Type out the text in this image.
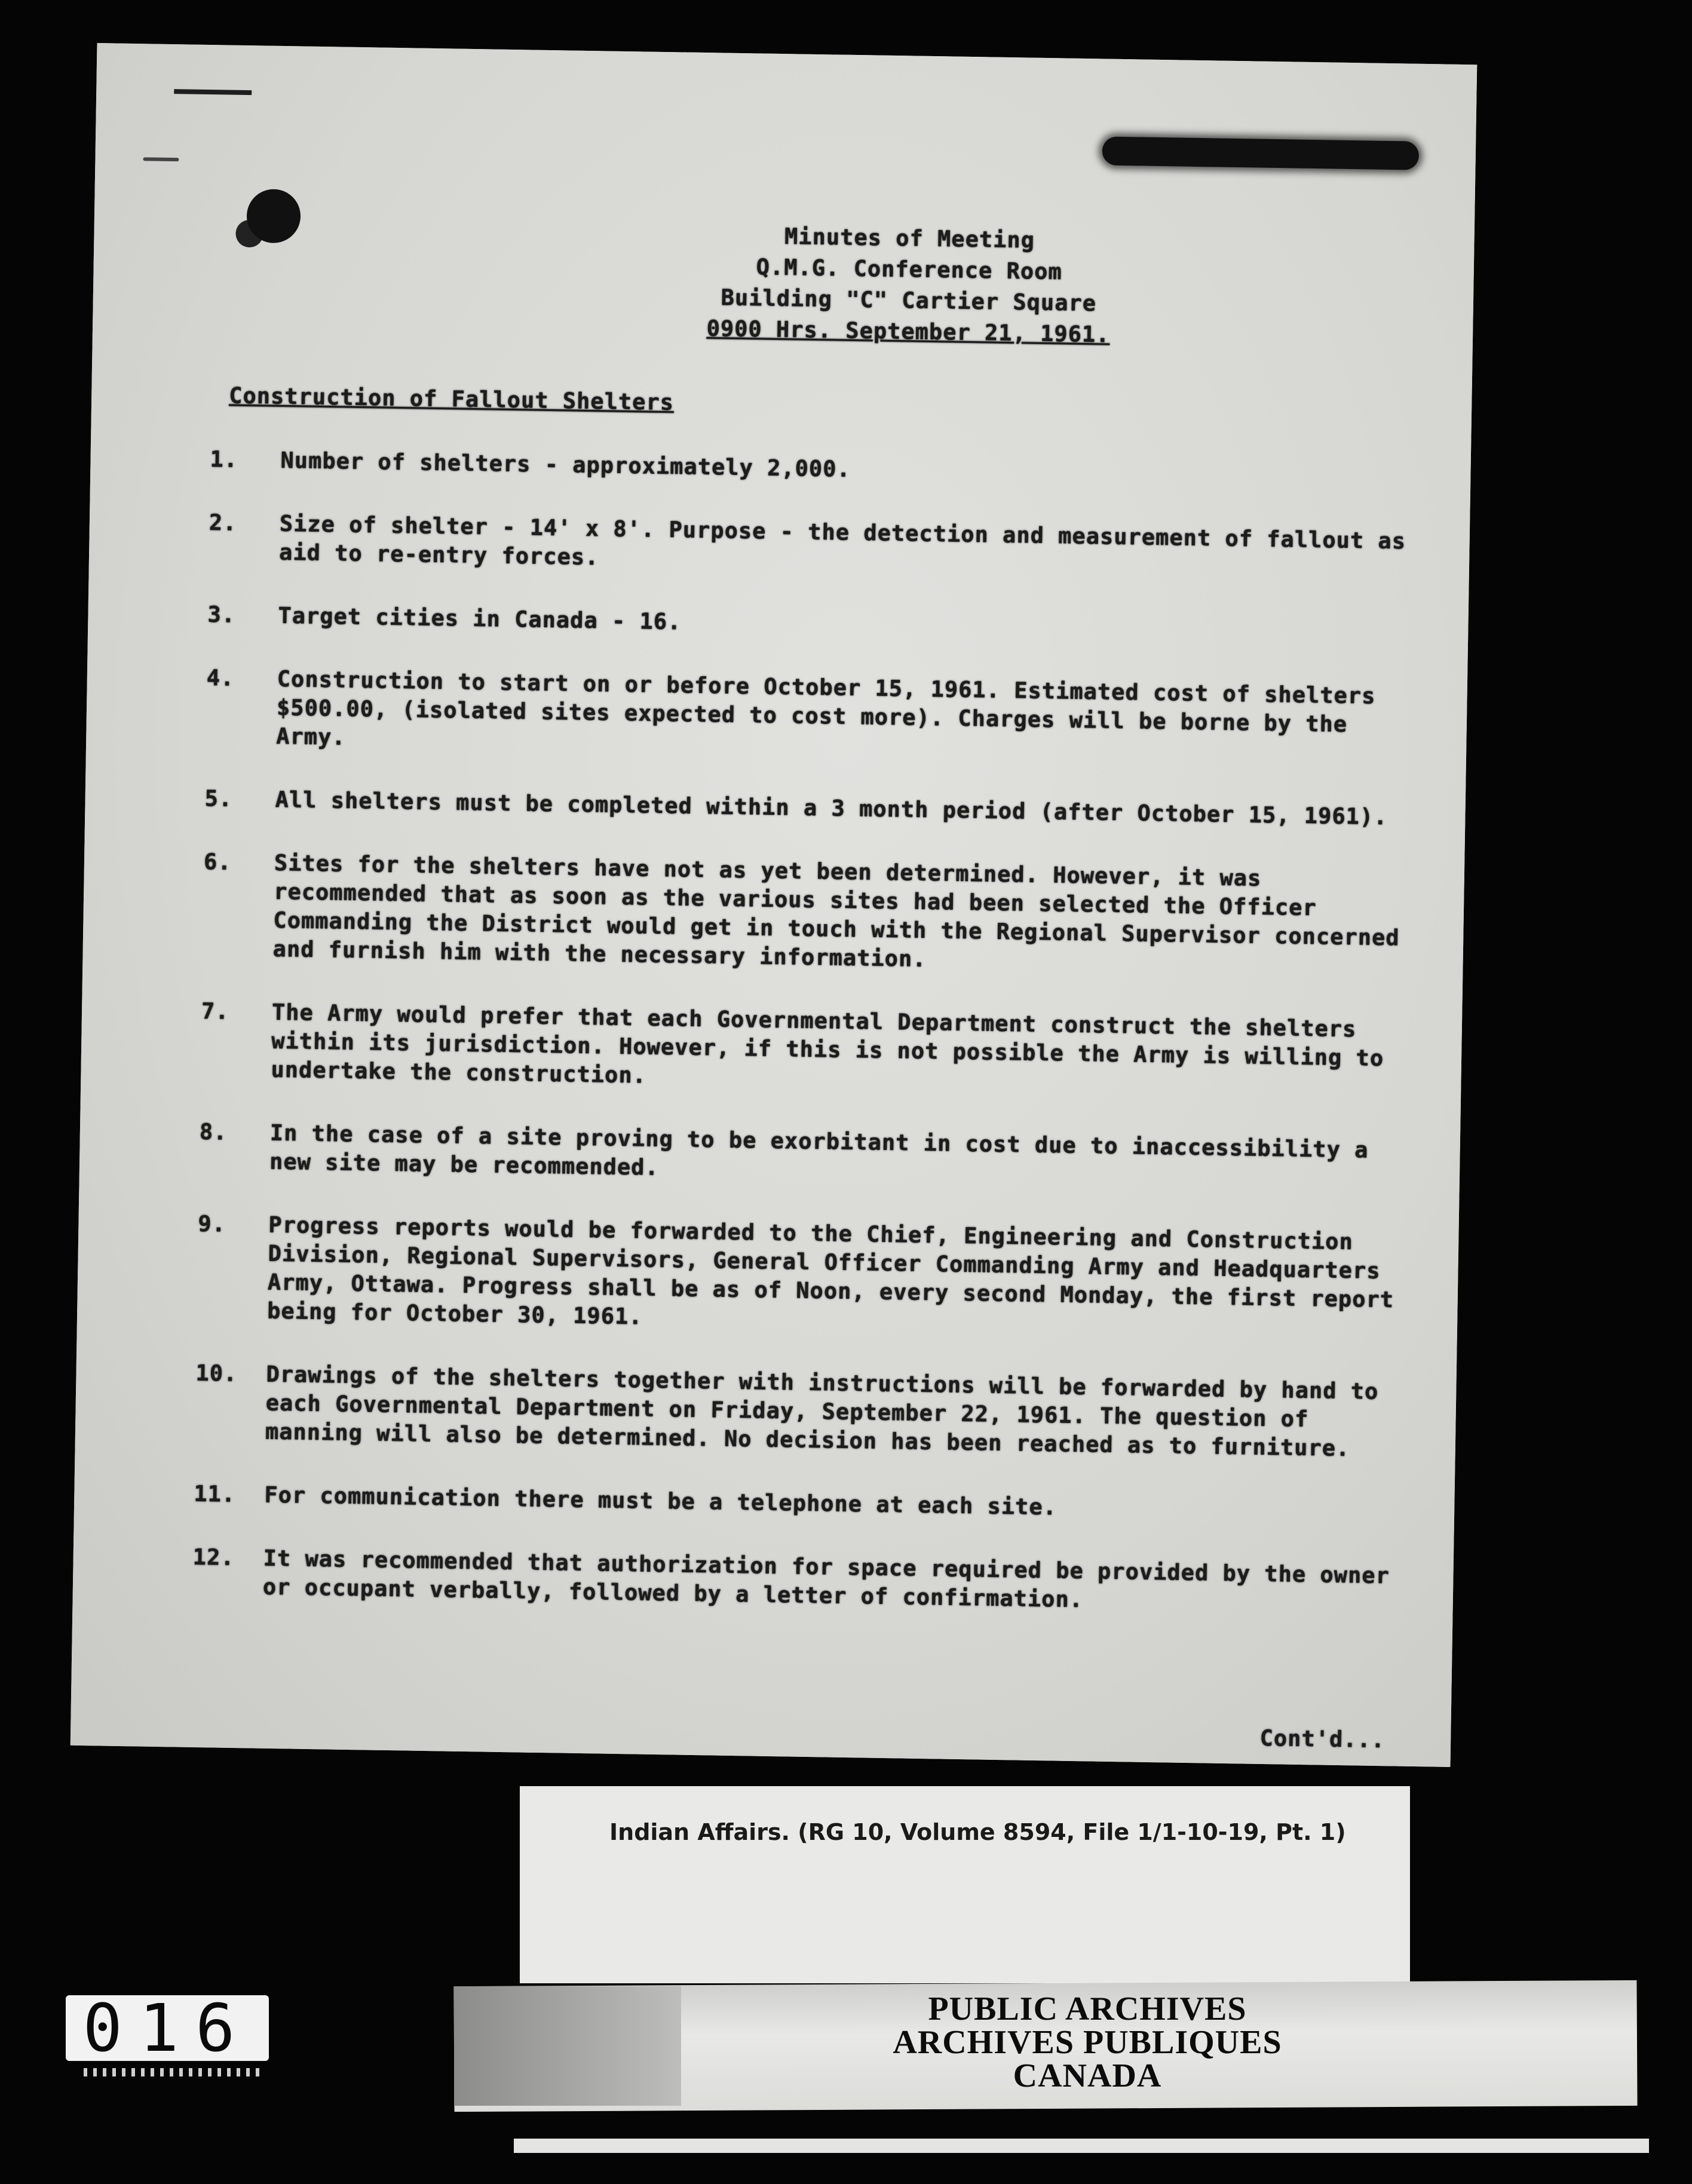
Minutes of Meeting
Q.M.G. Conference Room
Building "C" Cartier Square
0900 Hrs. September 21, 1961.
Construction of Fallout Shelters
1.	Number of shelters - approximately 2,000.
2.	Size of shelter - 14' x 8'. Purpose - the detection and measurement of fallout as aid to re-entry forces.
3.	Target cities in Canada - 16.
4.	Construction to start on or before October 15, 1961. Estimated cost of shelters $500.00, (isolated sites expected to cost more). Charges will be borne by the Army.
5.	All shelters must be completed within a 3 month period (after October 15, 1961).
6.	Sites for the shelters have not as yet been determined. However, it was recommended that as soon as the various sites had been selected the Officer Commanding the District would get in touch with the Regional Supervisor concerned and furnish him with the necessary information.
7.	The Army would prefer that each Governmental Department construct the shelters within its jurisdiction. However, if this is not possible the Army is willing to undertake the construction.
8.	In the case of a site proving to be exorbitant in cost due to inaccessibility a new site may be recommended.
9.	Progress reports would be forwarded to the Chief, Engineering and Construction Division, Regional Supervisors, General Officer Commanding Army and Headquarters Army, Ottawa. Progress shall be as of Noon, every second Monday, the first report being for October 30, 1961.
10.	Drawings of the shelters together with instructions will be forwarded by hand to each Governmental Department on Friday, September 22, 1961. The question of manning will also be determined. No decision has been reached as to furniture.
11.	For communication there must be a telephone at each site.
12.	It was recommended that authorization for space required be provided by the owner or occupant verbally, followed by a letter of confirmation.
Cont'd...
Indian Affairs. (RG 10, Volume 8594, File 1/1-10-19, Pt. 1)
016	PUBLIC ARCHIVES
ARCHIVES PUBLIQUES
CANADA
